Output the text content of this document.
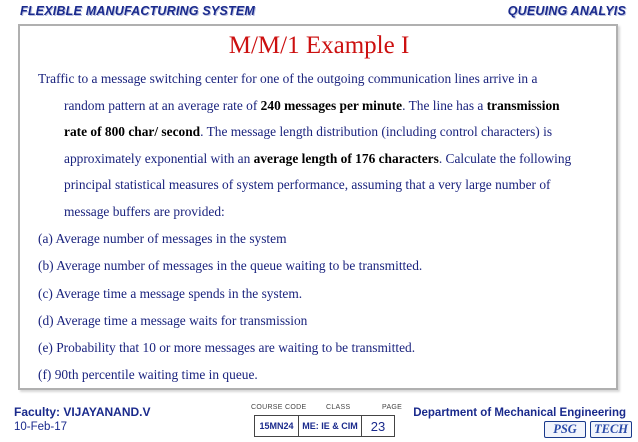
FLEXIBLE MANUFACTURING SYSTEM	QUEUING ANALYIS
M/M/1 Example I
Traffic to a message switching center for one of the outgoing communication lines arrive in a
random pattern at an average rate of 240 messages per minute. The line has a transmission
rate of 800 char/ second. The message length distribution (including control characters) is
approximately exponential with an average length of 176 characters. Calculate the following
principal statistical measures of system performance, assuming that a very large number of
message buffers are provided:
(a) Average number of messages in the system
(b) Average number of messages in the queue waiting to be transmitted.
(c) Average time a message spends in the system.
(d) Average time a message waits for transmission
(e) Probability that 10 or more messages are waiting to be transmitted.
(f) 90th percentile waiting time in queue.
Faculty: VIJAYANAND.V
10-Feb-17
COURSE CODE	CLASS	PAGE
15MN24 ME: IE & CIM	23
Department of Mechanical Engineering
PSG	TECH
